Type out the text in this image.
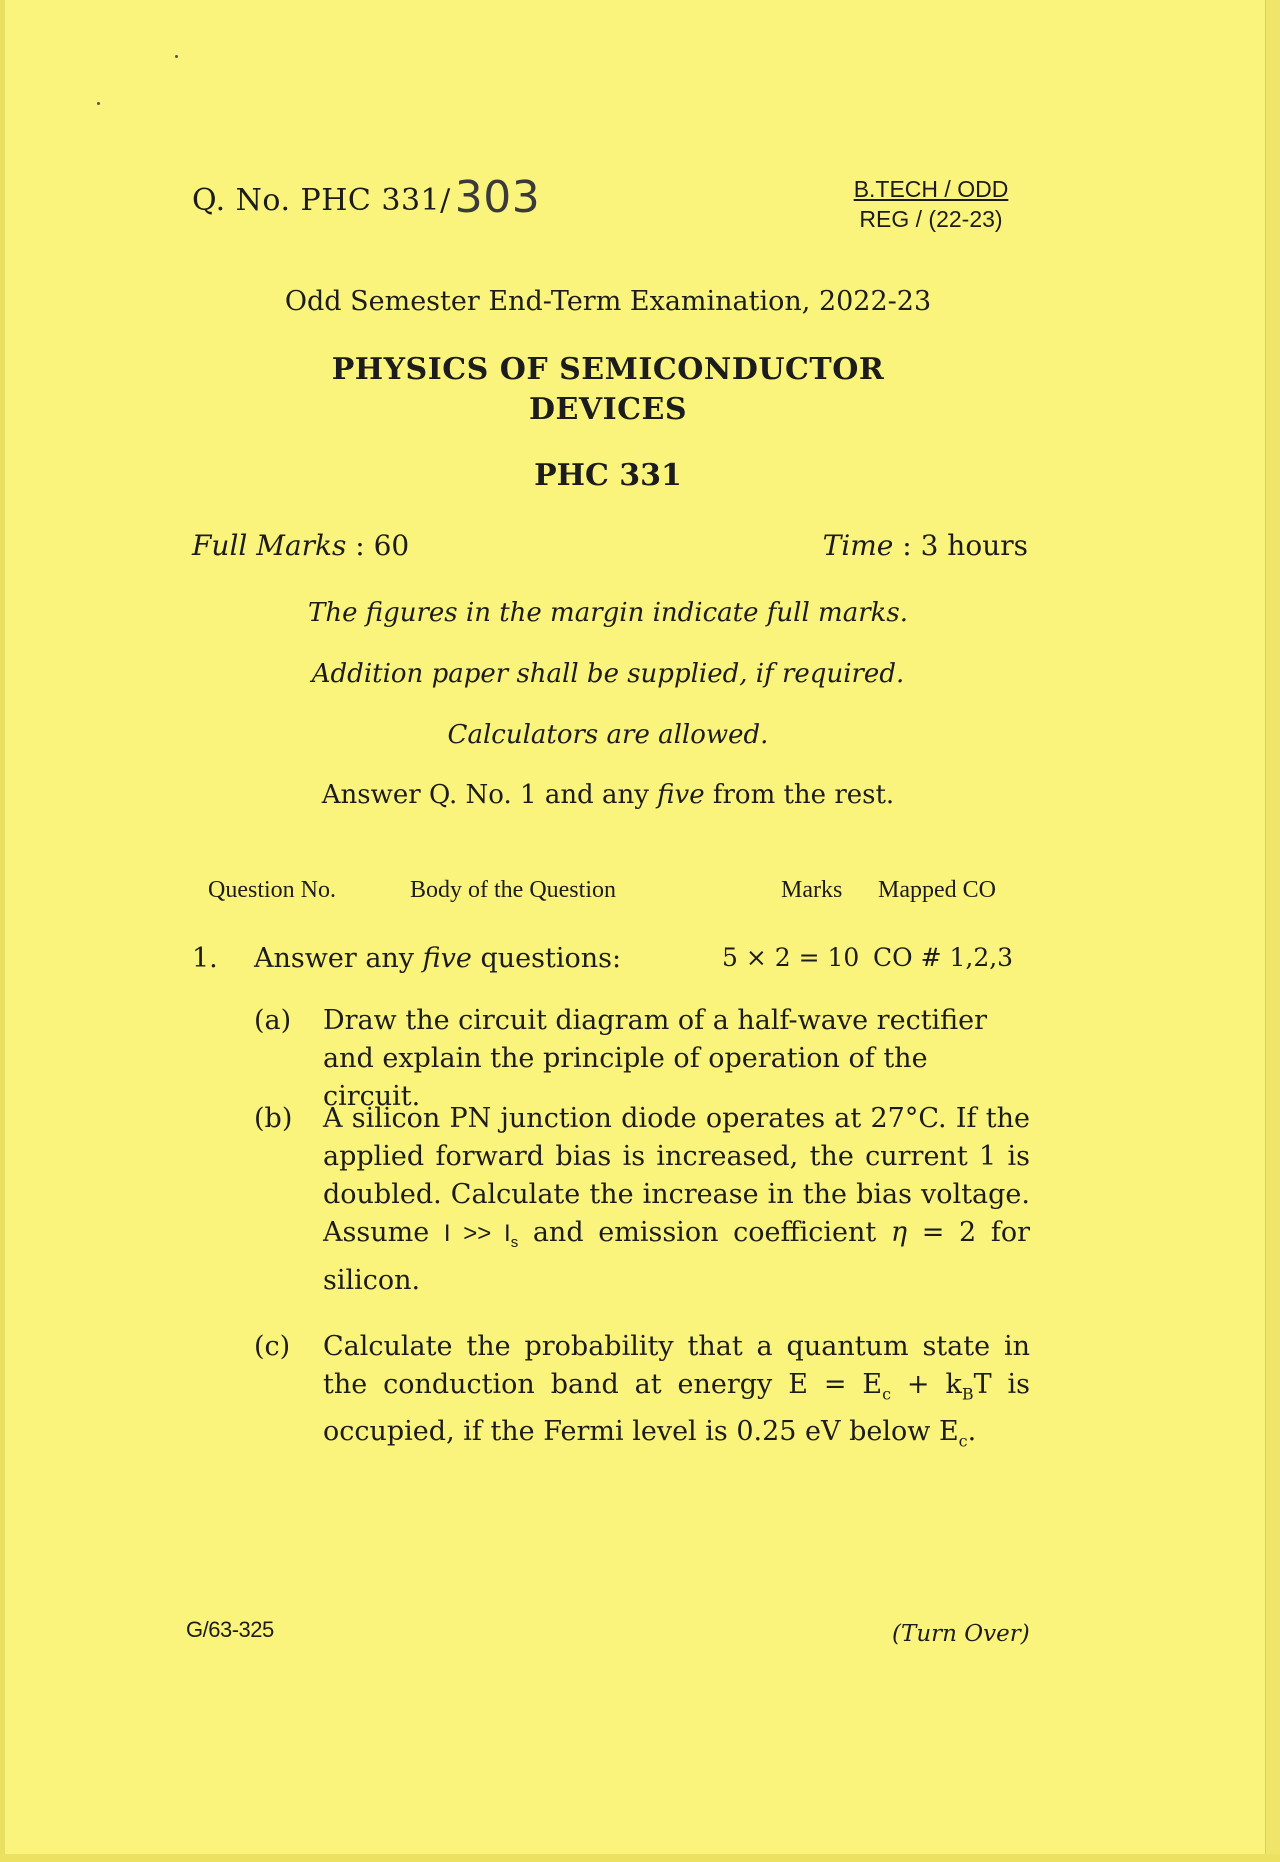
Q. No. PHC 331/303	B.TECH / ODD
REG / (22-23)
Odd Semester End-Term Examination, 2022-23
PHYSICS OF SEMICONDUCTOR DEVICES
PHC 331
Full Marks : 60	Time : 3 hours
The figures in the margin indicate full marks.
Addition paper shall be supplied, if required.
Calculators are allowed.
Answer Q. No. 1 and any five from the rest.
Question No.	Body of the Question	Marks Mapped CO
1. Answer any five questions:	5 × 2 = 10 CO # 1,2,3
(a) Draw the circuit diagram of a half-wave rectifier and explain the principle of operation of the circuit.
(b) A silicon PN junction diode operates at 27°C. If the applied forward bias is increased, the current 1 is doubled. Calculate the increase in the bias voltage. Assume $I >> I_s$ and emission coefficient η = 2 for silicon.
(c) Calculate the probability that a quantum state in the conduction band at energy $E = E_c + k_BT$ is occupied, if the Fermi level is 0.25 eV below $E_c$.
G/63-325	(Turn Over)
